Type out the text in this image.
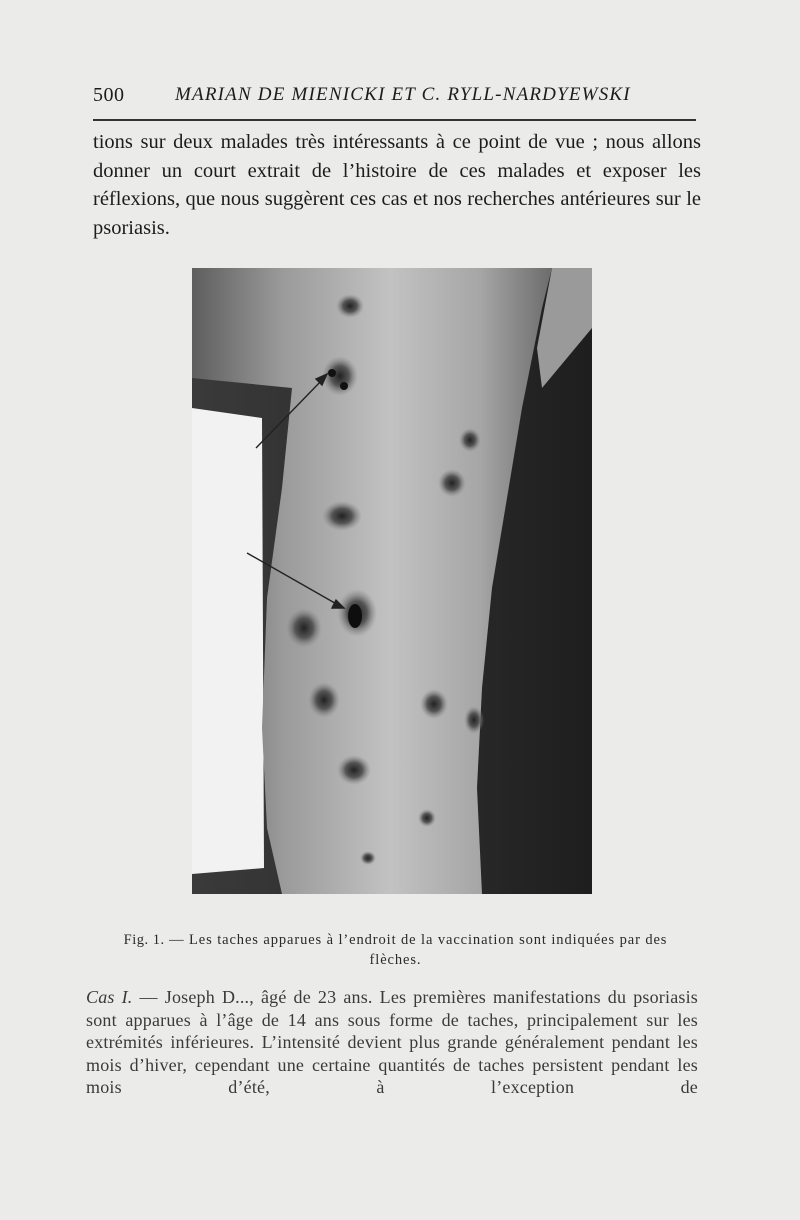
500	MARIAN DE MIENICKI ET C. RYLL-NARDYEWSKI
tions sur deux malades très intéressants à ce point de vue ; nous allons donner un court extrait de l’histoire de ces malades et exposer les réflexions, que nous suggèrent ces cas et nos recherches antérieures sur le psoriasis.
Fig. 1. — Les taches apparues à l’endroit de la vaccination sont indiquées par des flèches.
Cas I. — Joseph D..., âgé de 23 ans. Les premières manifestations du psoriasis sont apparues à l’âge de 14 ans sous forme de taches, principalement sur les extrémités inférieures. L’intensité devient plus grande généralement pendant les mois d’hiver, cependant une certaine quantités de taches persistent pendant les mois d’été, à l’exception de
